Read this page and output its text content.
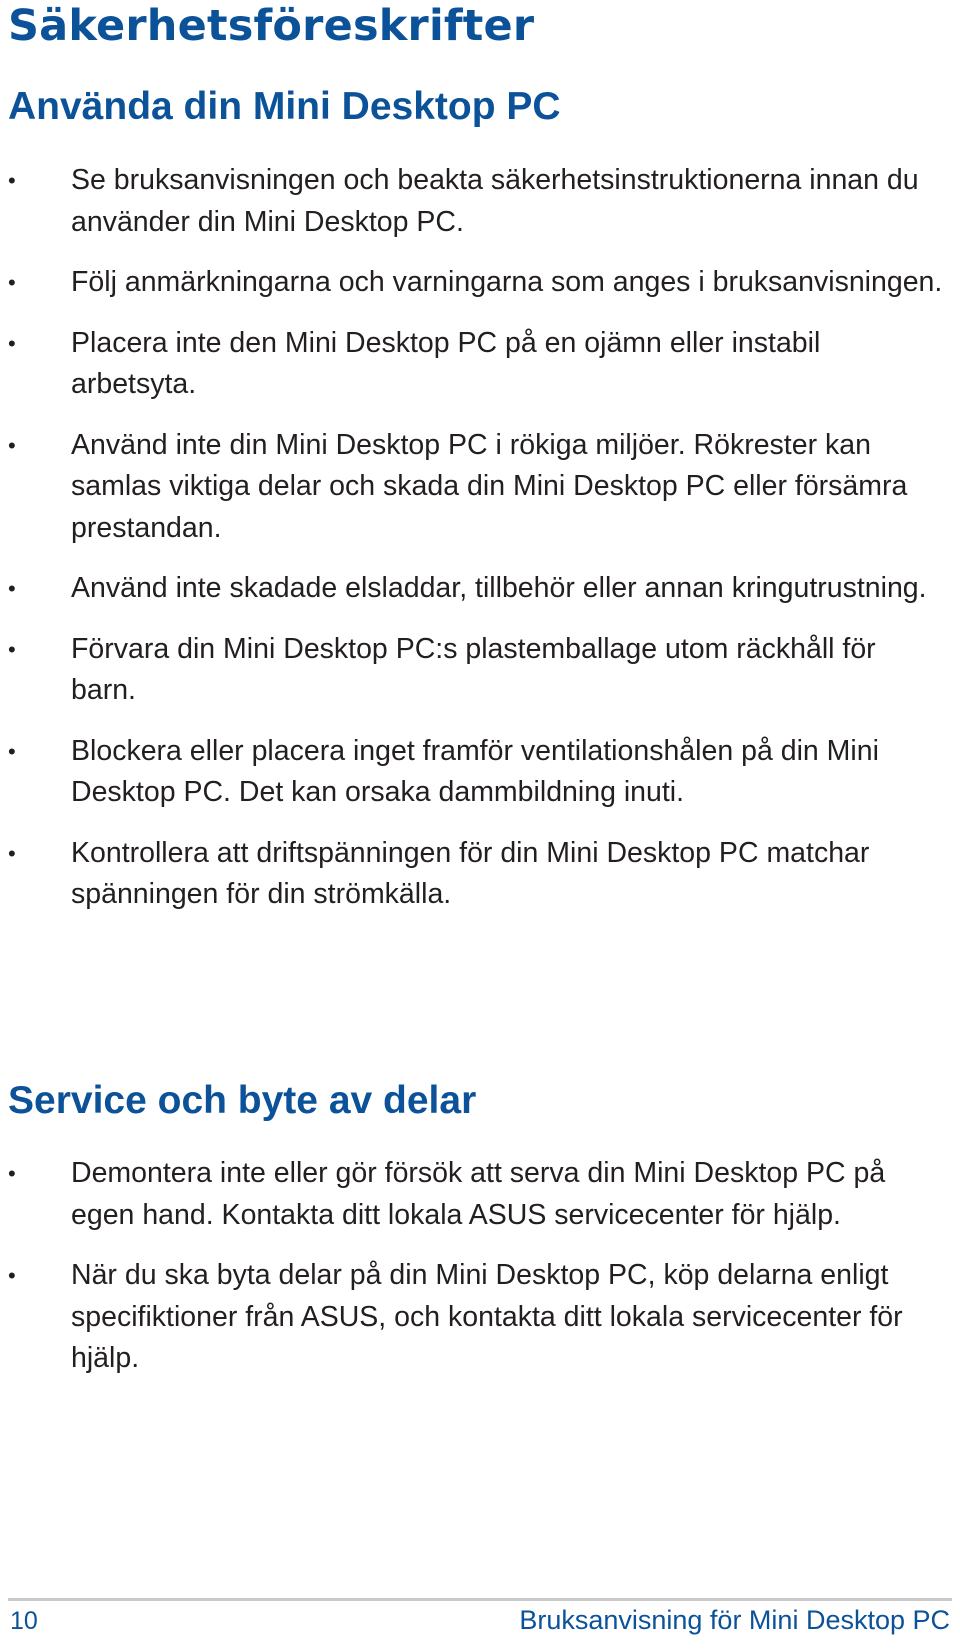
Säkerhetsföreskrifter
Använda din Mini Desktop PC
• Se bruksanvisningen och beakta säkerhetsinstruktionerna innan du använder din Mini Desktop PC.
• Följ anmärkningarna och varningarna som anges i bruksanvisningen.
• Placera inte den Mini Desktop PC på en ojämn eller instabil arbetsyta.
• Använd inte din Mini Desktop PC i rökiga miljöer. Rökrester kan samlas viktiga delar och skada din Mini Desktop PC eller försämra prestandan.
• Använd inte skadade elsladdar, tillbehör eller annan kringutrustning.
• Förvara din Mini Desktop PC:s plastemballage utom räckhåll för barn.
• Blockera eller placera inget framför ventilationshålen på din Mini Desktop PC. Det kan orsaka dammbildning inuti.
• Kontrollera att driftspänningen för din Mini Desktop PC matchar spänningen för din strömkälla.
Service och byte av delar
• Demontera inte eller gör försök att serva din Mini Desktop PC på egen hand. Kontakta ditt lokala ASUS servicecenter för hjälp.
• När du ska byta delar på din Mini Desktop PC, köp delarna enligt specifiktioner från ASUS, och kontakta ditt lokala servicecenter för hjälp.
10	Bruksanvisning för Mini Desktop PC
